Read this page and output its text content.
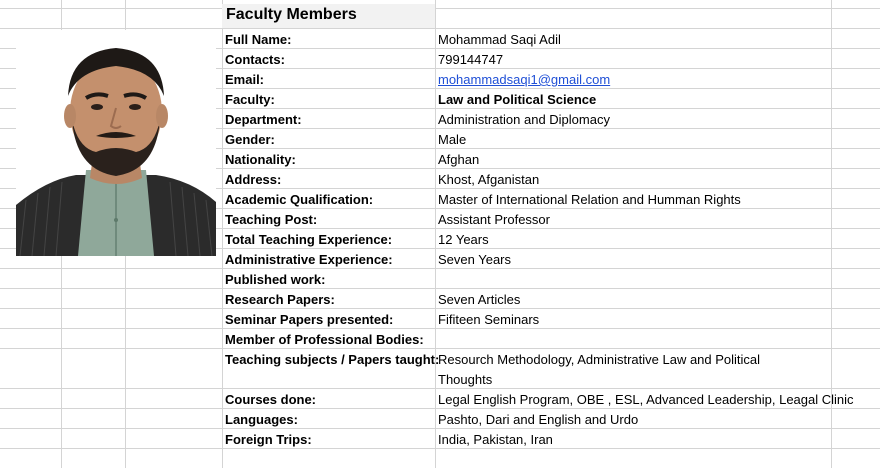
Faculty Members
Full Name:	Mohammad Saqi Adil
Contacts:	799144747
Email:	mohammadsaqi1@gmail.com
Faculty:	Law and Political Science
Department:	Administration and Diplomacy
Gender:	Male
Nationality:	Afghan
Address:	Khost, Afganistan
Academic Qualification:	Master of International Relation and Humman Rights
Teaching Post:	Assistant Professor
Total Teaching Experience:	12 Years
Administrative Experience:	Seven Years
Published work:
Research Papers:	Seven Articles
Seminar Papers presented:	Fifiteen Seminars
Member of Professional Bodies:
Teaching subjects / Papers taught:
Resourch Methodology, Administrative Law and Political
Thoughts
Courses done:	Legal English Program, OBE , ESL, Advanced Leadership, Leagal Clinic
Languages:	Pashto, Dari and English and Urdo
Foreign Trips:	India, Pakistan, Iran
